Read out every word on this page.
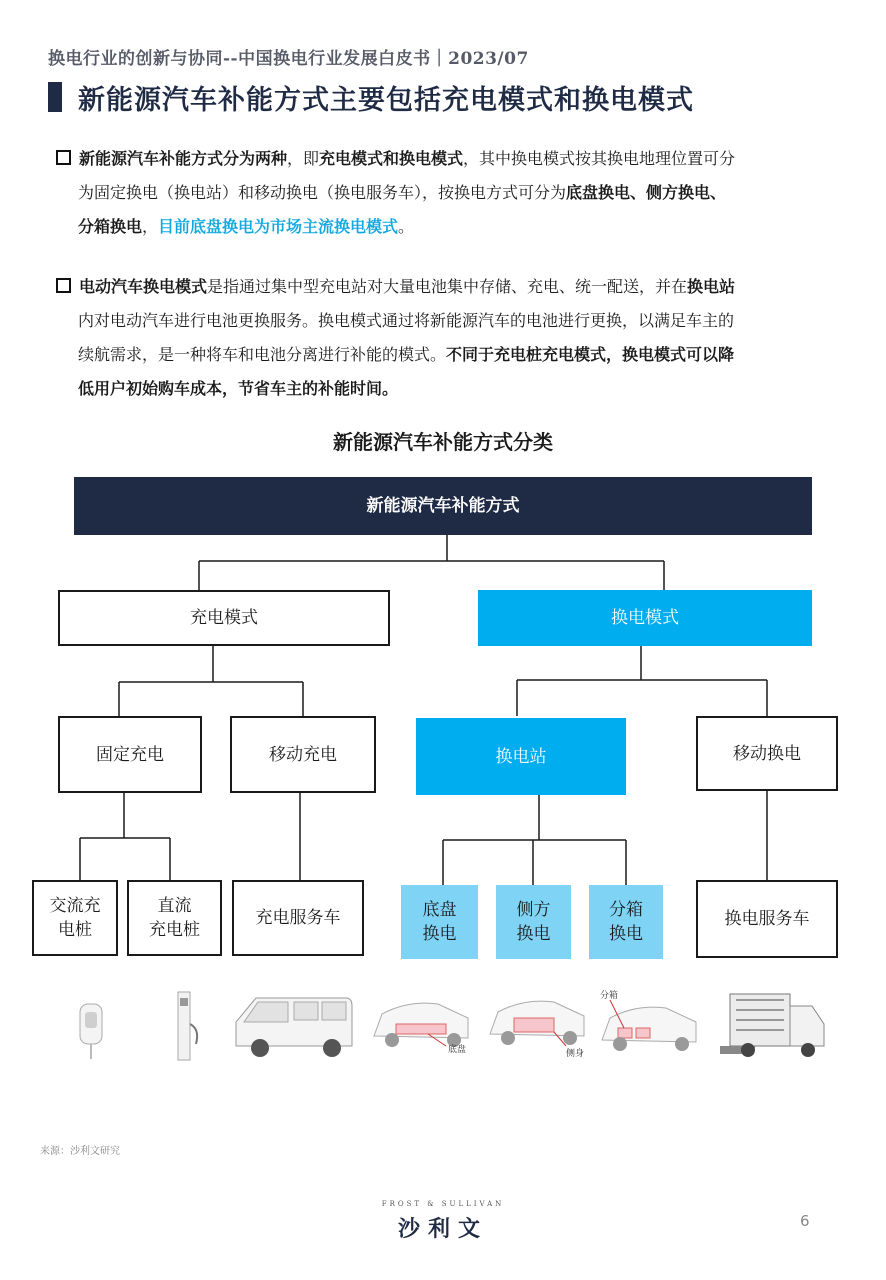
换电行业的创新与协同--中国换电行业发展白皮书｜2023/07
新能源汽车补能方式主要包括充电模式和换电模式
新能源汽车补能方式分为两种，即充电模式和换电模式，其中换电模式按其换电地理位置可分
为固定换电（换电站）和移动换电（换电服务车），按换电方式可分为底盘换电、侧方换电、
分箱换电，目前底盘换电为市场主流换电模式。
电动汽车换电模式是指通过集中型充电站对大量电池集中存储、充电、统一配送，并在换电站
内对电动汽车进行电池更换服务。换电模式通过将新能源汽车的电池进行更换，以满足车主的
续航需求，是一种将车和电池分离进行补能的模式。不同于充电桩充电模式，换电模式可以降
低用户初始购车成本，节省车主的补能时间。
新能源汽车补能方式分类
新能源汽车补能方式
充电模式	换电模式
固定充电	移动充电	换电站	移动换电
交流充
电桩
直流
充电桩
充电服务车	底盘
换电
侧方
换电
分箱
换电
换电服务车
底盘	侧身
分箱
来源：沙利文研究
FROST & SULLIVAN
沙利文	6
